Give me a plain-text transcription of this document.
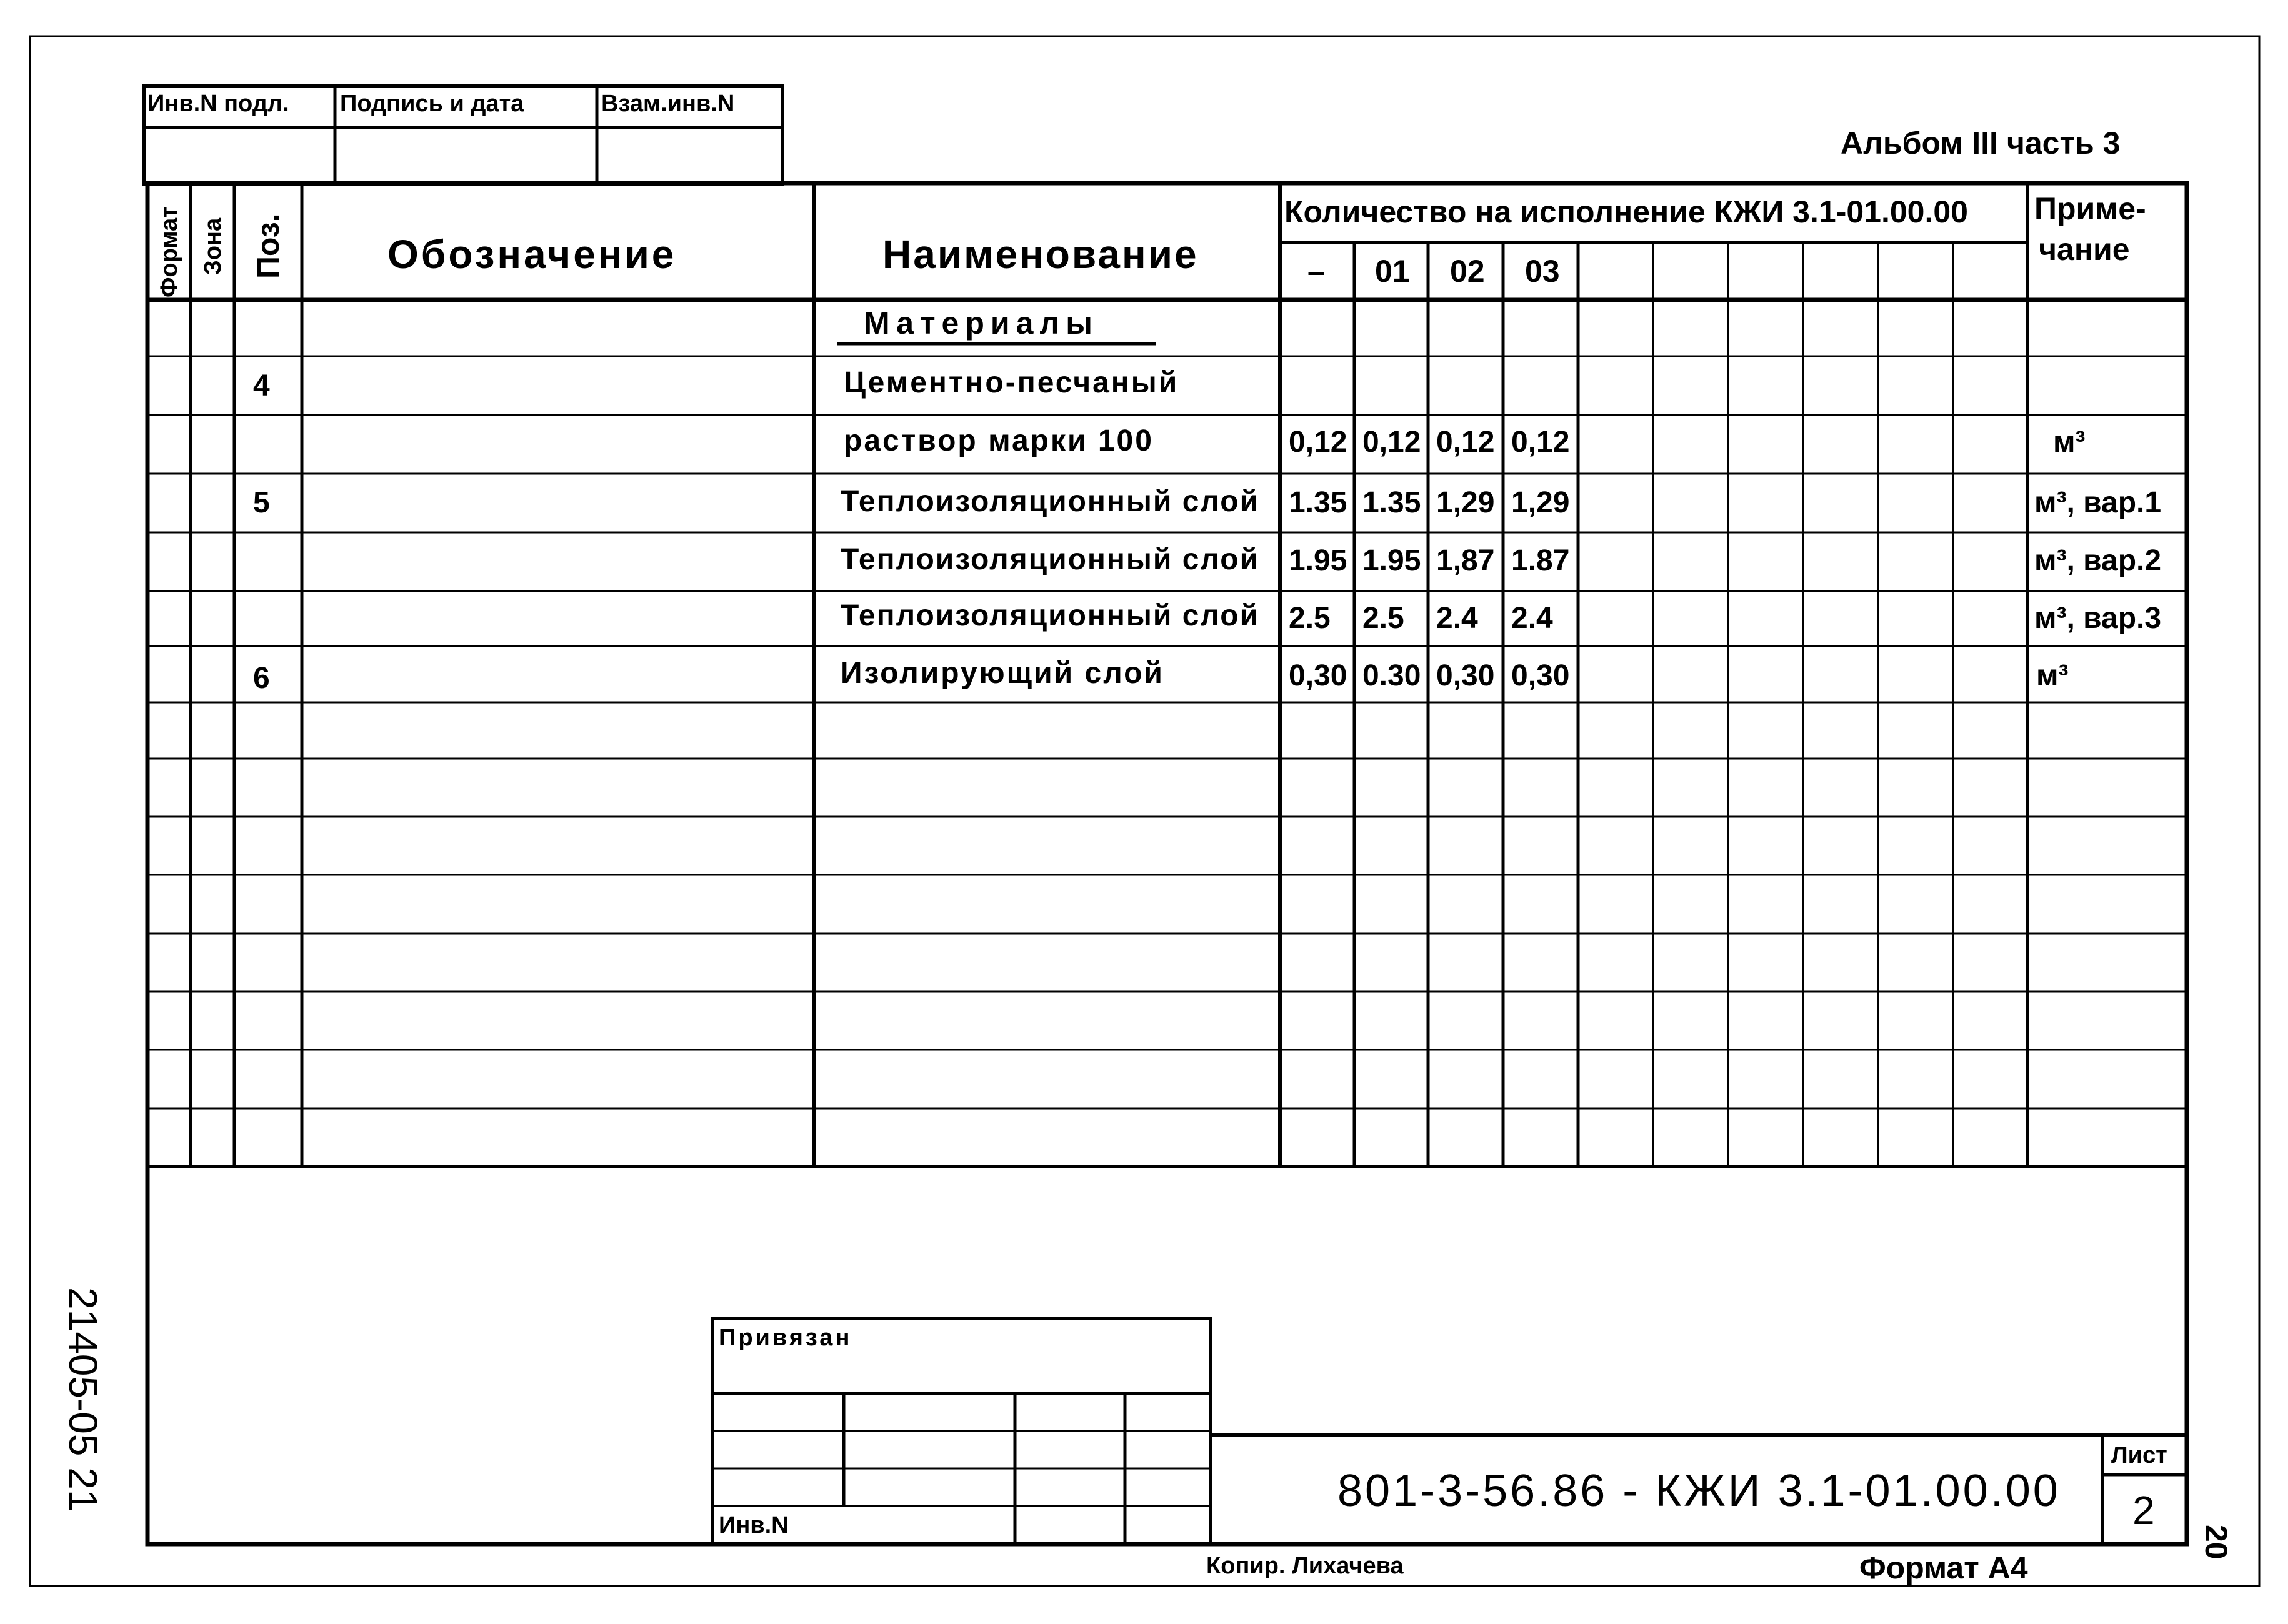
Инв.N подл. Подпись и дата	Взам.инв.N
Альбом III часть 3
Формат Зона Поз.	Обозначение	Наименование
Количество на исполнение КЖИ 3.1-01.00.00 Приме-
чание
– 01 02 03
Материалы
4	Цементно-песчаный
раствор марки 100	0,12 0,12 0,12 0,12	м³
5	Теплоизоляционный слой 1.35 1.35 1,29 1,29	м³, вар.1
Теплоизоляционный слой 1.95 1.95 1,87 1.87	м³, вар.2
Теплоизоляционный слой 2.5 2.5 2.4 2.4	м³, вар.3
6	Изолирующий слой	0,30 0.30 0,30 0,30	м³
21405-05 21	Привязан
Инв.N
801-3-56.86 - КЖИ 3.1-01.00.00
Лист
2
Копир. Лихачева	Формат А4
20
